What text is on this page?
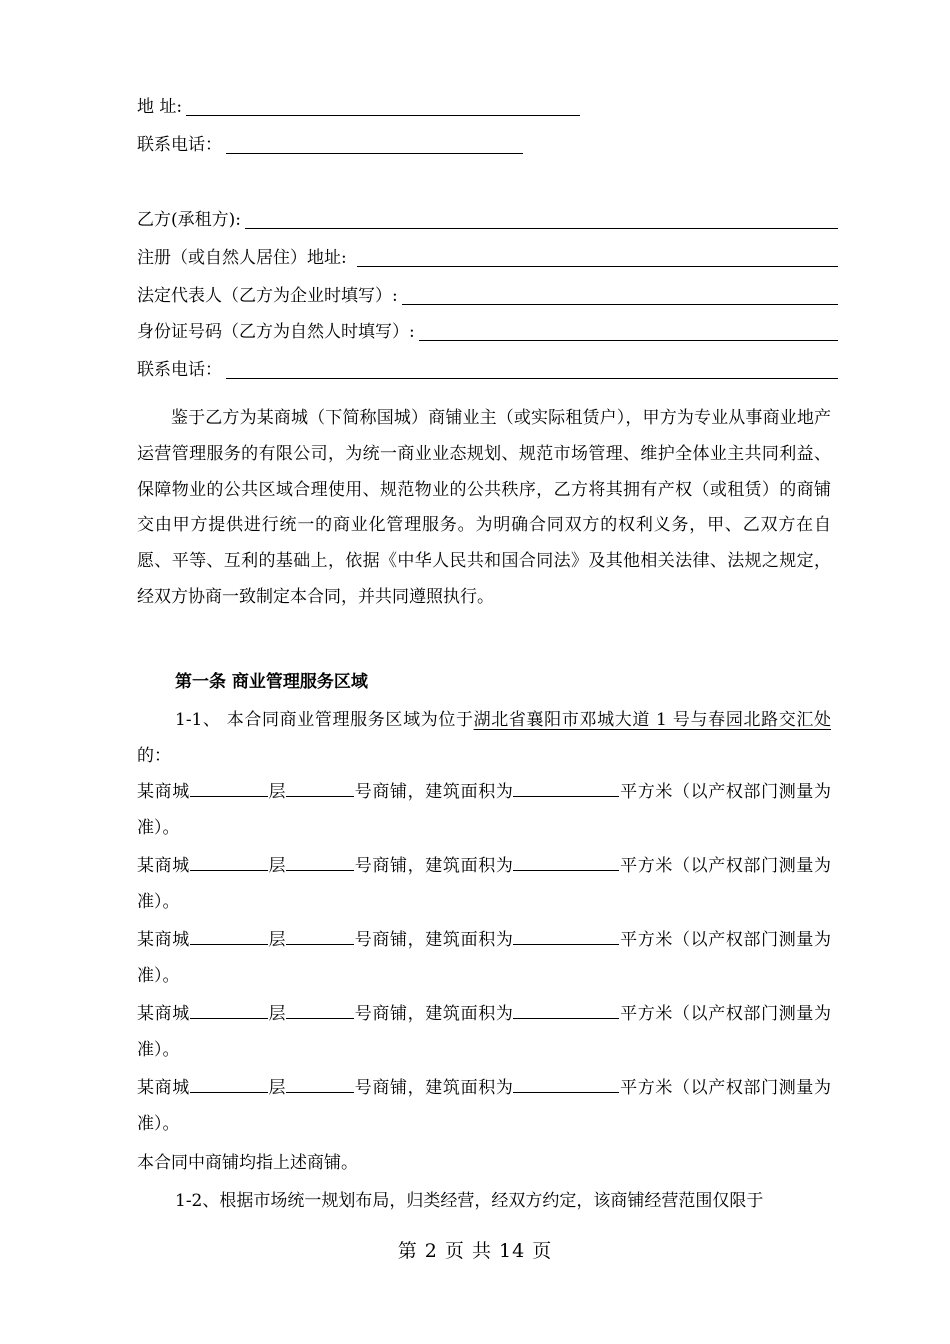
地 址:
联系电话：
乙方(承租方):
注册（或自然人居住）地址:
法定代表人（乙方为企业时填写）:
身份证号码（乙方为自然人时填写）:
联系电话：
鉴于乙方为某商城（下简称国城）商铺业主（或实际租赁户），甲方为专业从事商业地产运营管理服务的有限公司，为统一商业业态规划、规范市场管理、维护全体业主共同利益、保障物业的公共区域合理使用、规范物业的公共秩序，乙方将其拥有产权（或租赁）的商铺交由甲方提供进行统一的商业化管理服务。为明确合同双方的权利义务，甲、乙双方在自愿、平等、互利的基础上，依据《中华人民共和国合同法》及其他相关法律、法规之规定，经双方协商一致制定本合同，并共同遵照执行。
第一条 商业管理服务区域
1-1、 本合同商业管理服务区域为位于湖北省襄阳市邓城大道 1 号与春园北路交汇处 的：
某商城	层	号商铺，建筑面积为	平方米（以产权部门测量为准）。
某商城	层	号商铺，建筑面积为	平方米（以产权部门测量为准）。
某商城	层	号商铺，建筑面积为	平方米（以产权部门测量为准）。
某商城	层	号商铺，建筑面积为	平方米（以产权部门测量为准）。
某商城	层	号商铺，建筑面积为	平方米（以产权部门测量为准）。
本合同中商铺均指上述商铺。
1-2、根据市场统一规划布局，归类经营，经双方约定，该商铺经营范围仅限于
第 2 页 共 14 页
